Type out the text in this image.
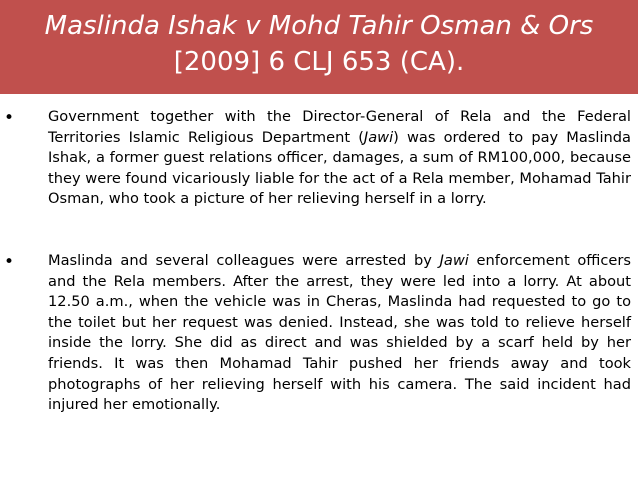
Maslinda Ishak v Mohd Tahir Osman & Ors
[2009] 6 CLJ 653 (CA).
• Government together with the Director-General of Rela and the Federal Territories Islamic Religious Department (Jawi) was ordered to pay Maslinda Ishak, a former guest relations officer, damages, a sum of RM100,000, because they were found vicariously liable for the act of a Rela member, Mohamad Tahir Osman, who took a picture of her relieving herself in a lorry.
• Maslinda and several colleagues were arrested by Jawi enforcement officers and the Rela members. After the arrest, they were led into a lorry. At about 12.50 a.m., when the vehicle was in Cheras, Maslinda had requested to go to the toilet but her request was denied. Instead, she was told to relieve herself inside the lorry. She did as direct and was shielded by a scarf held by her friends. It was then Mohamad Tahir pushed her friends away and took photographs of her relieving herself with his camera. The said incident had injured her emotionally.
